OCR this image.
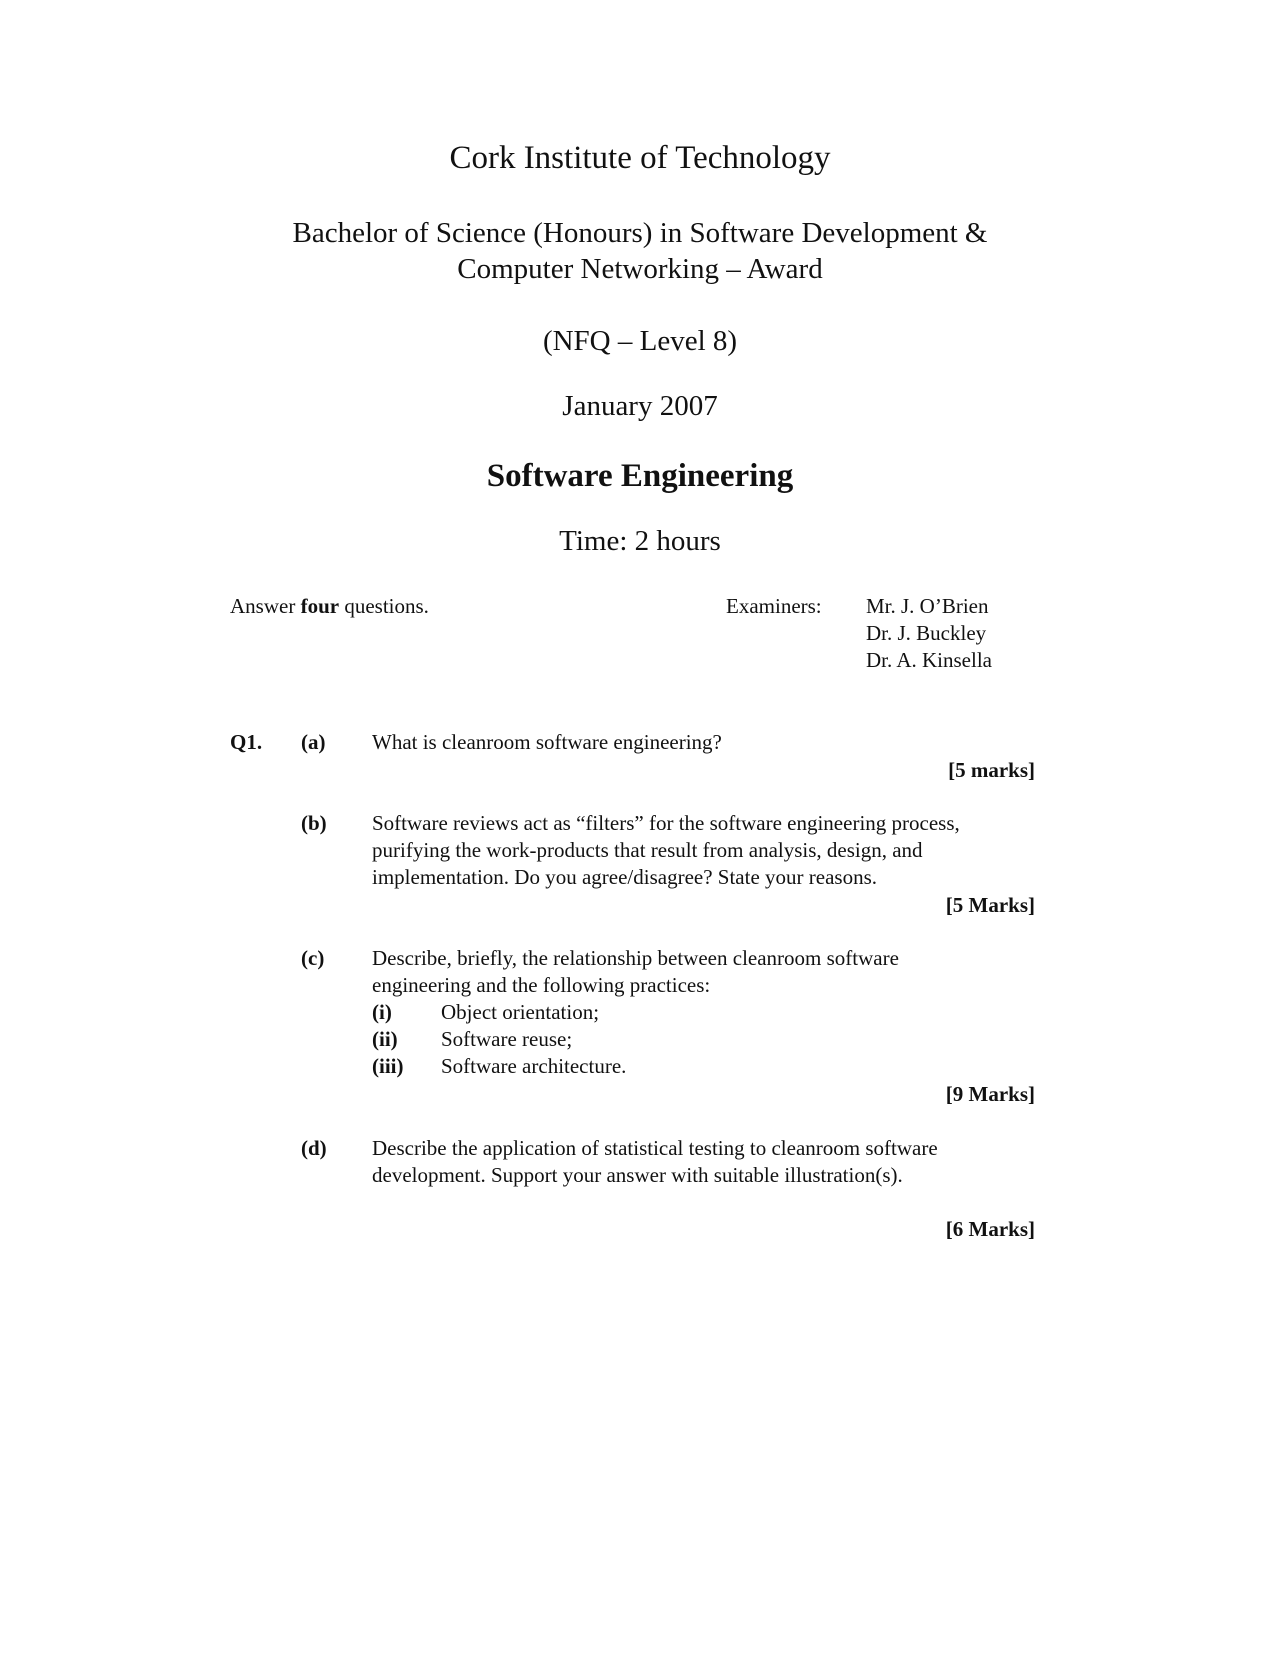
Cork Institute of Technology
Bachelor of Science (Honours) in Software Development &
Computer Networking – Award
(NFQ – Level 8)
January 2007
Software Engineering
Time: 2 hours
Answer four questions.	Examiners: Mr. J. O’Brien
Dr. J. Buckley
Dr. A. Kinsella
Q1. (a) What is cleanroom software engineering?
[5 marks]
(b) Software reviews act as “filters” for the software engineering process,
purifying the work-products that result from analysis, design, and
implementation. Do you agree/disagree? State your reasons.
[5 Marks]
(c) Describe, briefly, the relationship between cleanroom software
engineering and the following practices:
(i) Object orientation;
(ii) Software reuse;
(iii) Software architecture.
[9 Marks]
(d) Describe the application of statistical testing to cleanroom software
development. Support your answer with suitable illustration(s).
[6 Marks]
